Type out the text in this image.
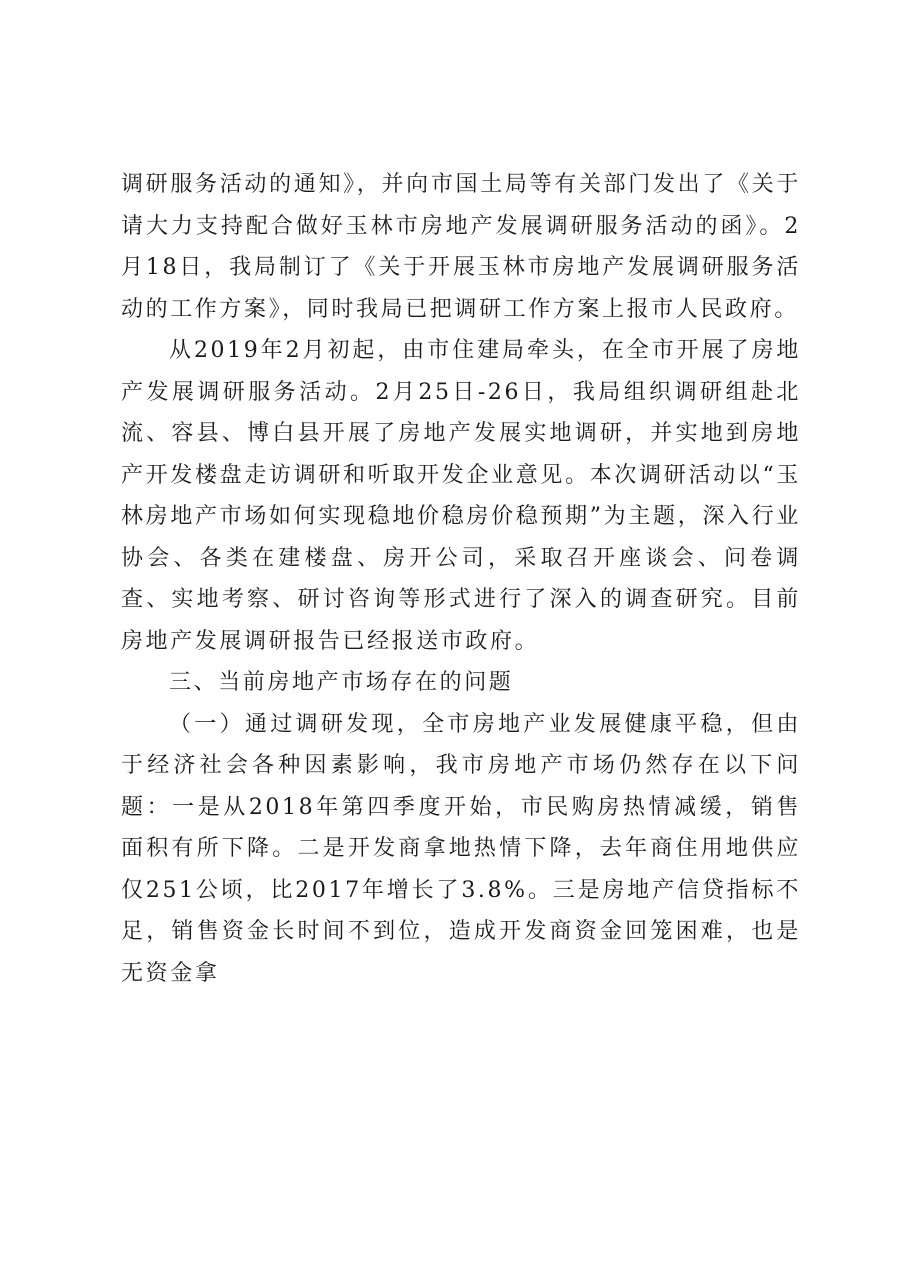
调研服务活动的通知》，并向市国土局等有关部门发出了《关于请大力支持配合做好玉林市房地产发展调研服务活动的函》。2月18日，我局制订了《关于开展玉林市房地产发展调研服务活动的工作方案》，同时我局已把调研工作方案上报市人民政府。

从2019年2月初起，由市住建局牵头，在全市开展了房地产发展调研服务活动。2月25日-26日，我局组织调研组赴北流、容县、博白县开展了房地产发展实地调研，并实地到房地产开发楼盘走访调研和听取开发企业意见。本次调研活动以“玉林房地产市场如何实现稳地价稳房价稳预期”为主题，深入行业协会、各类在建楼盘、房开公司，采取召开座谈会、问卷调查、实地考察、研讨咨询等形式进行了深入的调查研究。目前房地产发展调研报告已经报送市政府。

三、当前房地产市场存在的问题

（一）通过调研发现，全市房地产业发展健康平稳，但由于经济社会各种因素影响，我市房地产市场仍然存在以下问题：一是从2018年第四季度开始，市民购房热情减缓，销售面积有所下降。二是开发商拿地热情下降，去年商住用地供应仅251公顷，比2017年增长了3.8%。三是房地产信贷指标不足，销售资金长时间不到位，造成开发商资金回笼困难，也是无资金拿
